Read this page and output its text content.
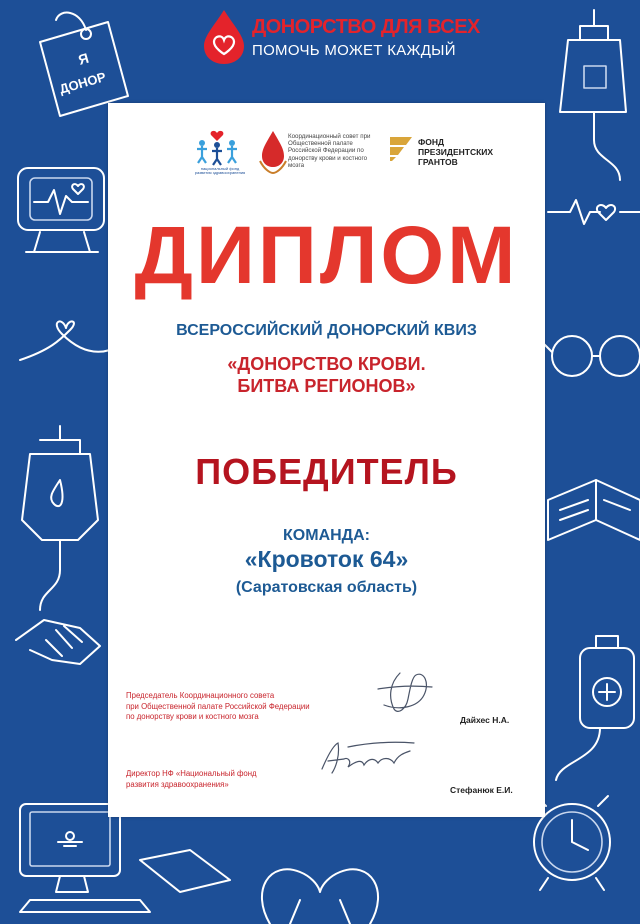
Я
ДОНОР
ДОНОРСТВО ДЛЯ ВСЕХ
ПОМОЧЬ МОЖЕТ КАЖДЫЙ
национальный фонд развития здравоохранения
Координационный совет при Общественной палате Российской Федерации по донорству крови и костного мозга
ФОНД
ПРЕЗИДЕНТСКИХ
ГРАНТОВ
ДИПЛОМ
ВСЕРОССИЙСКИЙ ДОНОРСКИЙ КВИЗ
«ДОНОРСТВО КРОВИ.
БИТВА РЕГИОНОВ»
ПОБЕДИТЕЛЬ
КОМАНДА:
«Кровоток 64»
(Саратовская область)
Председатель Координационного совета
при Общественной палате Российской Федерации
по донорству крови и костного мозга	Дайхес Н.А.
Директор НФ «Национальный фонд
развития здравоохранения»
Стефанюк Е.И.
